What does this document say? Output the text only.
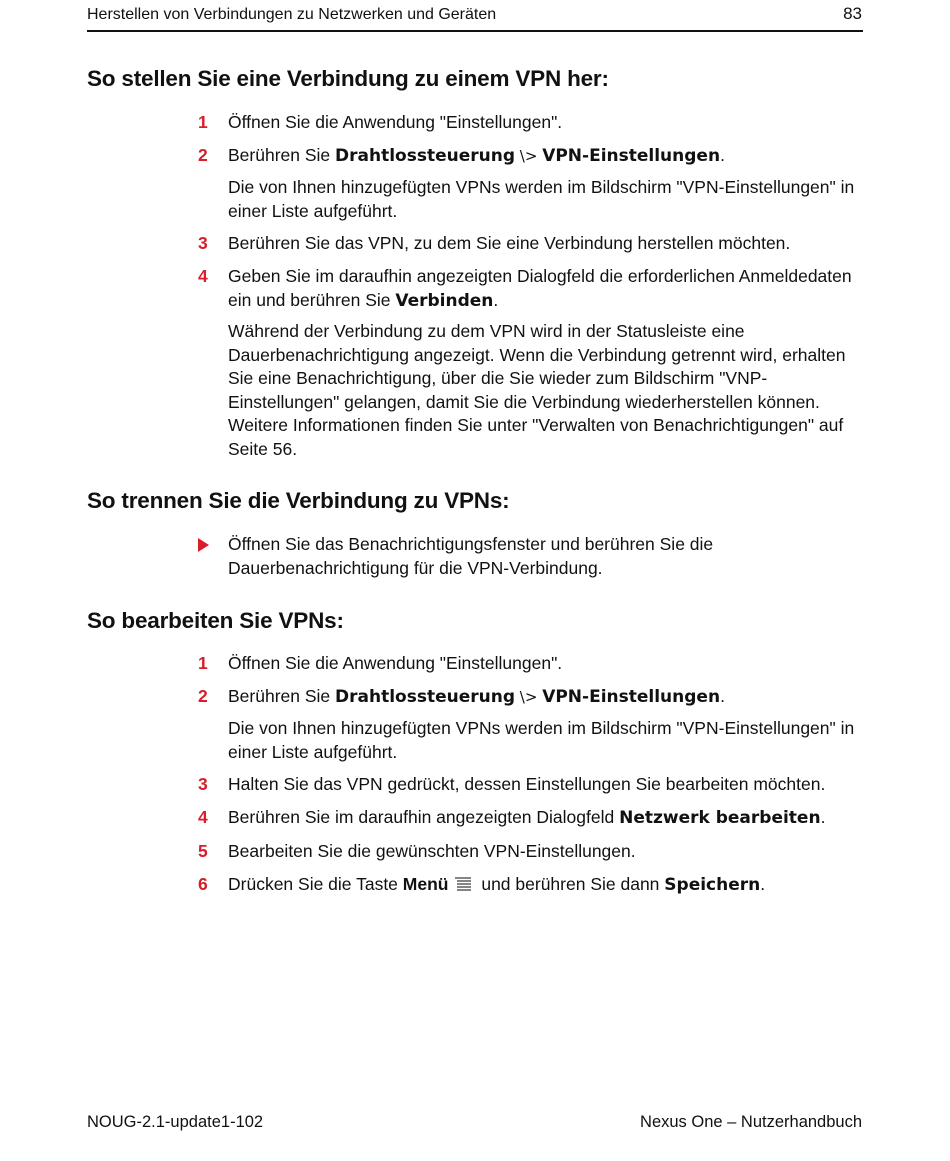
Herstellen von Verbindungen zu Netzwerken und Geräten	83
So stellen Sie eine Verbindung zu einem VPN her:
1	Öffnen Sie die Anwendung "Einstellungen".
2	Berühren Sie Drahtlossteuerung \> VPN-Einstellungen.
Die von Ihnen hinzugefügten VPNs werden im Bildschirm "VPN-Einstellungen" in einer Liste aufgeführt.
3	Berühren Sie das VPN, zu dem Sie eine Verbindung herstellen möchten.
4	Geben Sie im daraufhin angezeigten Dialogfeld die erforderlichen Anmeldedaten ein und berühren Sie Verbinden.
Während der Verbindung zu dem VPN wird in der Statusleiste eine Dauerbenachrichtigung angezeigt. Wenn die Verbindung getrennt wird, erhalten Sie eine Benachrichtigung, über die Sie wieder zum Bildschirm "VNP-Einstellungen" gelangen, damit Sie die Verbindung wiederherstellen können. Weitere Informationen finden Sie unter "Verwalten von Benachrichtigungen" auf Seite 56.
So trennen Sie die Verbindung zu VPNs:
Öffnen Sie das Benachrichtigungsfenster und berühren Sie die Dauerbenachrichtigung für die VPN-Verbindung.
So bearbeiten Sie VPNs:
1	Öffnen Sie die Anwendung "Einstellungen".
2	Berühren Sie Drahtlossteuerung \> VPN-Einstellungen.
Die von Ihnen hinzugefügten VPNs werden im Bildschirm "VPN-Einstellungen" in einer Liste aufgeführt.
3	Halten Sie das VPN gedrückt, dessen Einstellungen Sie bearbeiten möchten.
4	Berühren Sie im daraufhin angezeigten Dialogfeld Netzwerk bearbeiten.
5	Bearbeiten Sie die gewünschten VPN-Einstellungen.
6	Drücken Sie die Taste Menü und berühren Sie dann Speichern.
NOUG-2.1-update1-102	Nexus One – Nutzerhandbuch
